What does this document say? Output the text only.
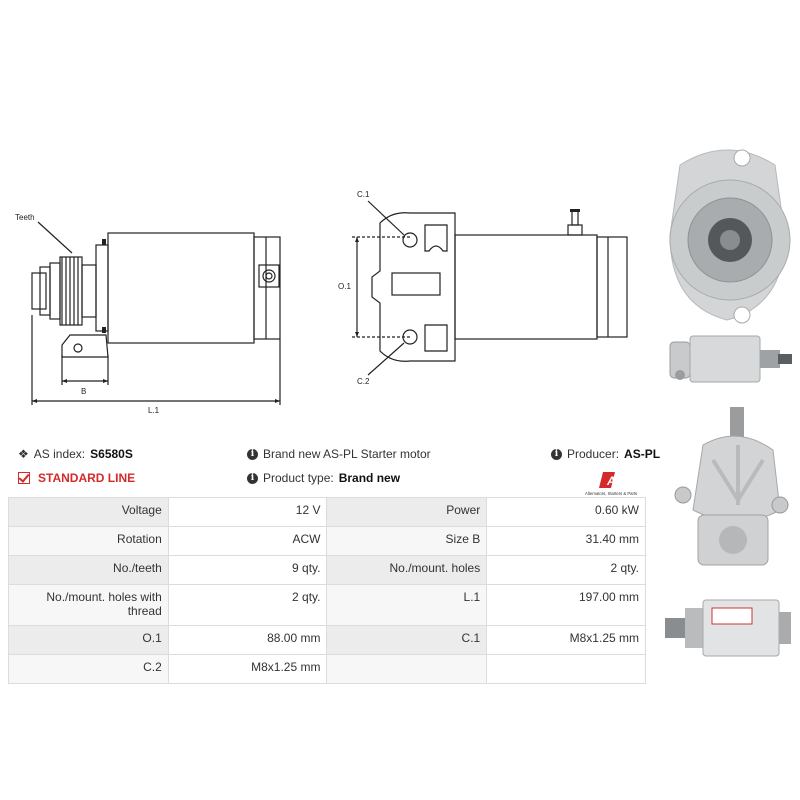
Teeth
B
L.1
C.1
O.1
C.2
❖ AS index: S6580S	i Brand new AS-PL Starter motor	i Producer: AS-PL
STANDARD LINE	i Product type: Brand new	AS
Alternators, Starters & Parts
Voltage	12 V	Power	0.60 kW
Rotation	ACW	Size B	31.40 mm
No./teeth	9 qty.	No./mount. holes	2 qty.
No./mount. holes with thread	2 qty.	L.1	197.00 mm
O.1	88.00 mm	C.1	M8x1.25 mm
C.2	M8x1.25 mm		
